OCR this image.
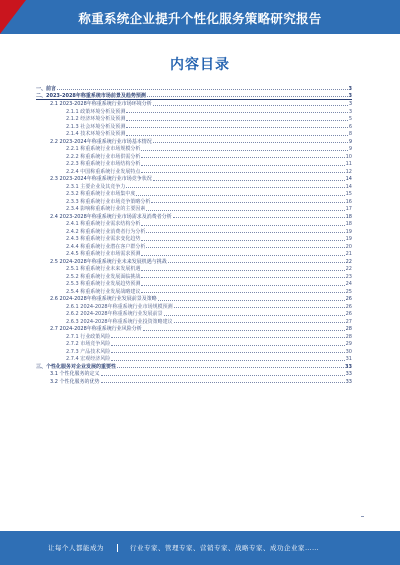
称重系统企业提升个性化服务策略研究报告
内容目录
一、前言	3
二、2023-2028年称重系统市场前景及趋势预测	3
2.1 2023-2028年称重系统行业市场环境分析	3
2.1.1 政策环境分析及预测	3
2.1.2 经济环境分析及预测	5
2.1.3 社会环境分析及预测	6
2.1.4 技术环境分析及预测	8
2.2 2023-2024年称重系统行业市场基本情况	9
2.2.1 称重系统行业市场规模分析	9
2.2.2 称重系统行业市场供需分析	10
2.2.3 称重系统行业市场结构分析	11
2.2.4 中国称重系统行业发展特点	12
2.3 2023-2024年称重系统行业市场竞争状况	14
2.3.1 主要企业及其竞争力	14
2.3.2 称重系统行业市场集中度	15
2.3.3 称重系统行业市场竞争策略分析	16
2.3.4 影响称重系统行业的主要因素	17
2.4 2023-2028年称重系统行业市场需求及消费者分析	18
2.4.1 称重系统行业需求结构分析	18
2.4.2 称重系统行业消费者行为分析	19
2.4.3 称重系统行业需求变化趋势	19
2.4.4 称重系统行业潜在客户群分析	20
2.4.5 称重系统行业市场需求预测	21
2.5 2024-2028年称重系统行业未来发展机遇与挑战	22
2.5.1 称重系统行业未来发展机遇	22
2.5.2 称重系统行业发展面临挑战	23
2.5.3 称重系统行业发展趋势预测	24
2.5.4 称重系统行业发展战略建议	25
2.6 2024-2028年称重系统行业发展前景及策略	26
2.6.1 2024-2028年称重系统行业市场规模预测	26
2.6.2 2024-2028年称重系统行业发展前景	26
2.6.3 2024-2028年称重系统行业投资策略建议	27
2.7 2024-2028年称重系统行业风险分析	28
2.7.1 行业政策风险	28
2.7.2 市场竞争风险	29
2.7.3 产品技术风险	30
2.7.4 宏观经济风险	31
三、个性化服务对企业发展的重要性	33
3.1 个性化服务的定义	33
3.2 个性化服务的优势	33
让每个人都能成为	行业专家、管理专家、营销专家、战略专家、成功企业家……
